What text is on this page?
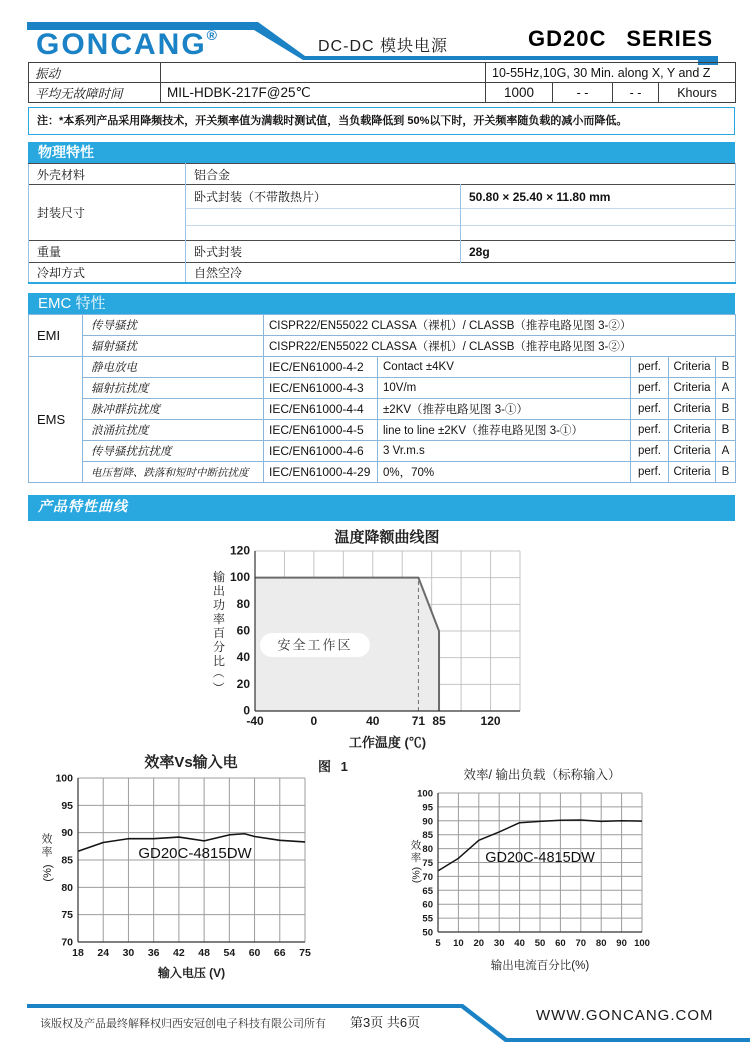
GONCANG®
DC-DC 模块电源	GD20C SERIES
振动		10-55Hz,10G, 30 Min. along X, Y and Z			
平均无故障时间	MIL-HDBK-217F@25℃	1000	- -	- -	Khours
注：*本系列产品采用降频技术，开关频率值为满载时测试值，当负载降低到 50%以下时，开关频率随负载的减小而降低。
物理特性
外壳材料	铝合金	
封装尺寸	卧式封装（不带散热片）	50.80 × 25.40 × 11.80 mm

重量	卧式封装	28g
冷却方式	自然空冷	
EMC 特性
EMI	传导骚扰	CISPR22/EN55022 CLASSA（裸机）/ CLASSB（推荐电路见图 3-②）				
	辐射骚扰	CISPR22/EN55022 CLASSA（裸机）/ CLASSB（推荐电路见图 3-②）				
EMS	静电放电	IEC/EN61000-4-2	Contact ±4KV	perf.	Criteria	B
	辐射抗扰度	IEC/EN61000-4-3	10V/m	perf.	Criteria	A
	脉冲群抗扰度	IEC/EN61000-4-4	±2KV（推荐电路见图 3-①）	perf.	Criteria	B
	浪涌抗扰度	IEC/EN61000-4-5	line to line ±2KV（推荐电路见图 3-①）	perf.	Criteria	B
	传导骚扰抗扰度	IEC/EN61000-4-6	3 Vr.m.s	perf.	Criteria	A
	电压暂降、跌落和短时中断抗扰度	IEC/EN61000-4-29	0%，70%	perf.	Criteria	B
产品特性曲线
0
20
40
60
80
100
120
-40	0	40	71 85	120
温度降额曲线图
工作温度 (℃)
输
出
功
率
百
分
比
（ ）
安全工作区
图 1
70
75
80
85
90
95
100
18 24 30 36 42 48 54 60 66 75
效率Vs输入电
输入电压 (V)
效
率
(%)
GD20C-4815DW
50
55
60
65
70
75
80
85
90
95
100
5 10 20 30 40 50 60 70 80 90 100
效率/ 输出负载（标称输入）
输出电流百分比(%)
效
率
(%)
GD20C-4815DW
该版权及产品最终解释权归西安冠创电子科技有限公司所有 第3页 共6页	WWW.GONCANG.COM
